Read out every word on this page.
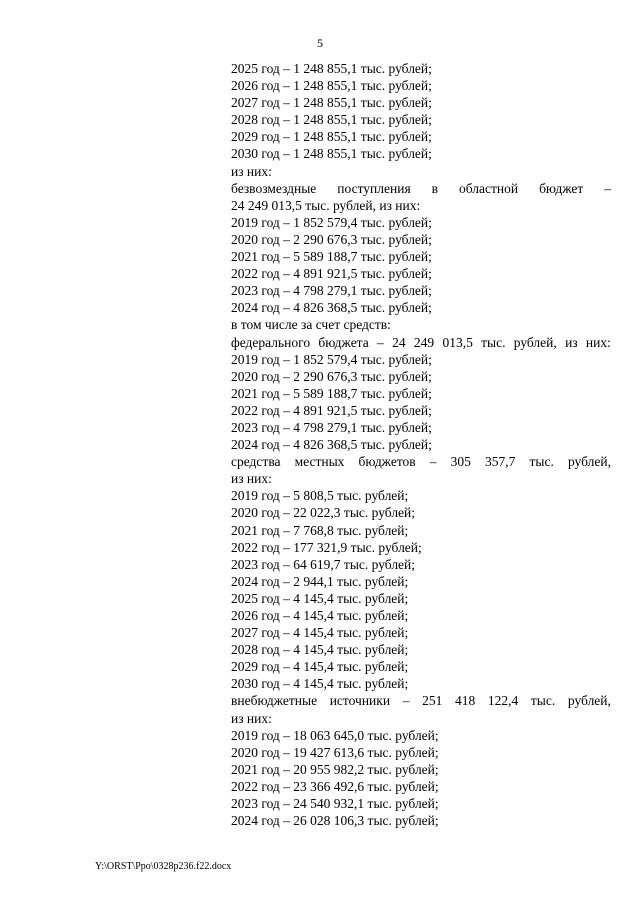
5
2025 год – 1 248 855,1 тыс. рублей;
2026 год – 1 248 855,1 тыс. рублей;
2027 год – 1 248 855,1 тыс. рублей;
2028 год – 1 248 855,1 тыс. рублей;
2029 год – 1 248 855,1 тыс. рублей;
2030 год – 1 248 855,1 тыс. рублей;
из них:
безвозмездные поступления в областной бюджет –
24 249 013,5 тыс. рублей, из них:
2019 год – 1 852 579,4 тыс. рублей;
2020 год – 2 290 676,3 тыс. рублей;
2021 год – 5 589 188,7 тыс. рублей;
2022 год – 4 891 921,5 тыс. рублей;
2023 год – 4 798 279,1 тыс. рублей;
2024 год – 4 826 368,5 тыс. рублей;
в том числе за счет средств:
федерального бюджета – 24 249 013,5 тыс. рублей, из них:
2019 год – 1 852 579,4 тыс. рублей;
2020 год – 2 290 676,3 тыс. рублей;
2021 год – 5 589 188,7 тыс. рублей;
2022 год – 4 891 921,5 тыс. рублей;
2023 год – 4 798 279,1 тыс. рублей;
2024 год – 4 826 368,5 тыс. рублей;
средства местных бюджетов – 305 357,7 тыс. рублей,
из них:
2019 год – 5 808,5 тыс. рублей;
2020 год – 22 022,3 тыс. рублей;
2021 год – 7 768,8 тыс. рублей;
2022 год – 177 321,9 тыс. рублей;
2023 год – 64 619,7 тыс. рублей;
2024 год – 2 944,1 тыс. рублей;
2025 год – 4 145,4 тыс. рублей;
2026 год – 4 145,4 тыс. рублей;
2027 год – 4 145,4 тыс. рублей;
2028 год – 4 145,4 тыс. рублей;
2029 год – 4 145,4 тыс. рублей;
2030 год – 4 145,4 тыс. рублей;
внебюджетные источники – 251 418 122,4 тыс. рублей,
из них:
2019 год – 18 063 645,0 тыс. рублей;
2020 год – 19 427 613,6 тыс. рублей;
2021 год – 20 955 982,2 тыс. рублей;
2022 год – 23 366 492,6 тыс. рублей;
2023 год – 24 540 932,1 тыс. рублей;
2024 год – 26 028 106,3 тыс. рублей;
Y:\ORST\Ppo\0328p236.f22.docx
